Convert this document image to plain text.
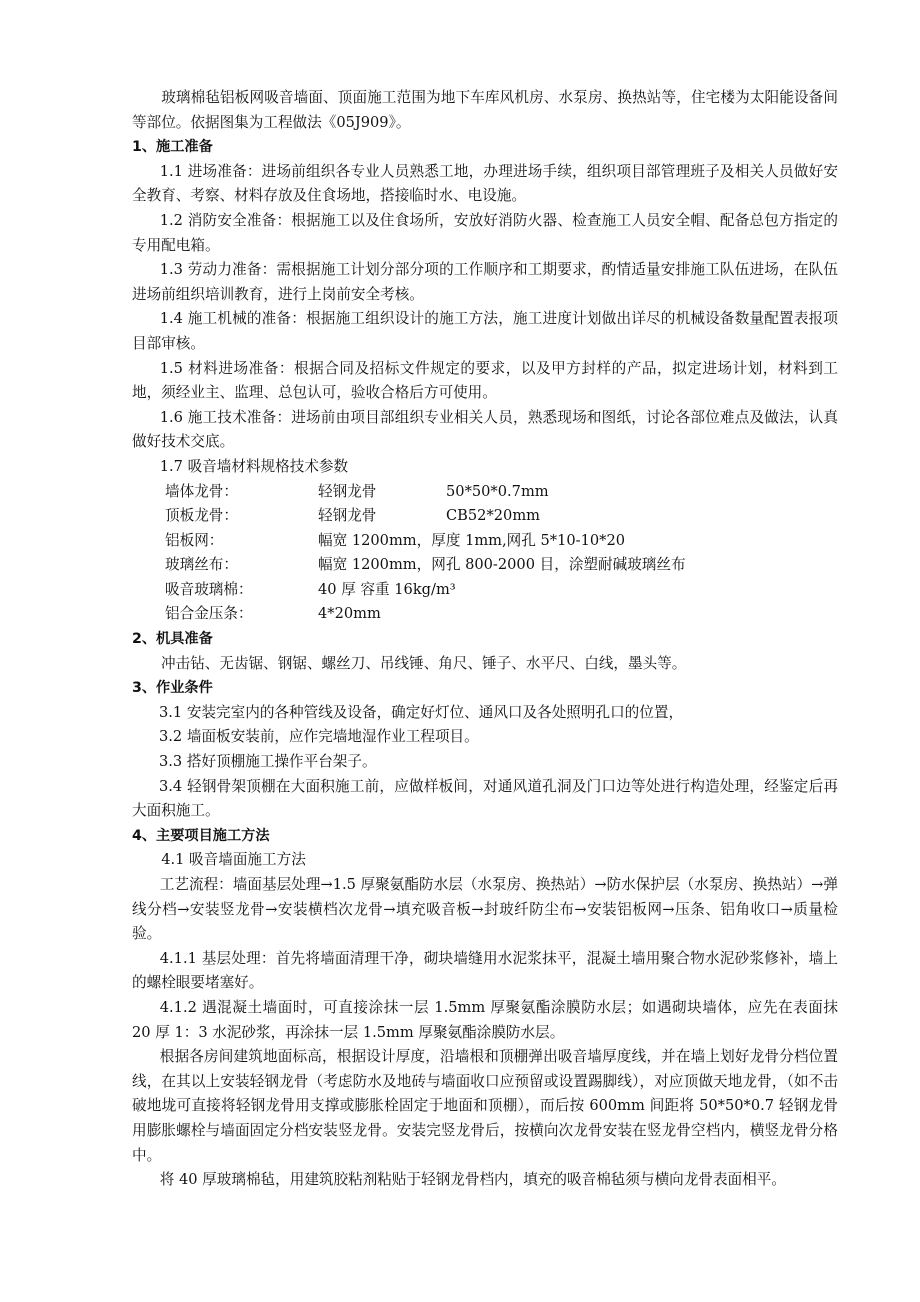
玻璃棉毡铝板网吸音墙面、顶面施工范围为地下车库风机房、水泵房、换热站等，住宅楼为太阳能设备间等部位。依据图集为工程做法《05J909》。

1、施工准备

1.1 进场准备：进场前组织各专业人员熟悉工地，办理进场手续，组织项目部管理班子及相关人员做好安全教育、考察、材料存放及住食场地，搭接临时水、电设施。

1.2 消防安全准备：根据施工以及住食场所，安放好消防火器、检查施工人员安全帽、配备总包方指定的专用配电箱。

1.3 劳动力准备：需根据施工计划分部分项的工作顺序和工期要求，酌情适量安排施工队伍进场，在队伍进场前组织培训教育，进行上岗前安全考核。

1.4 施工机械的准备：根据施工组织设计的施工方法，施工进度计划做出详尽的机械设备数量配置表报项目部审核。

1.5 材料进场准备：根据合同及招标文件规定的要求，以及甲方封样的产品，拟定进场计划，材料到工地，须经业主、监理、总包认可，验收合格后方可使用。

1.6 施工技术准备：进场前由项目部组织专业相关人员，熟悉现场和图纸，讨论各部位难点及做法，认真做好技术交底。

1.7 吸音墙材料规格技术参数

墙体龙骨：	轻钢龙骨	50*50*0.7mm
顶板龙骨：	轻钢龙骨	CB52*20mm
铝板网：	幅宽 1200mm，厚度 1mm,网孔 5*10-10*20
玻璃丝布：	幅宽 1200mm，网孔 800-2000 目，涂塑耐碱玻璃丝布
吸音玻璃棉：	40 厚 容重 16kg/m³
铝合金压条：	4*20mm

2、机具准备

冲击钻、无齿锯、钢锯、螺丝刀、吊线锤、角尺、锤子、水平尺、白线，墨头等。

3、作业条件

3.1 安装完室内的各种管线及设备，确定好灯位、通风口及各处照明孔口的位置，

3.2 墙面板安装前，应作完墙地湿作业工程项目。

3.3 搭好顶棚施工操作平台架子。

3.4 轻钢骨架顶棚在大面积施工前，应做样板间，对通风道孔洞及门口边等处进行构造处理，经鉴定后再大面积施工。

4、主要项目施工方法

4.1 吸音墙面施工方法

工艺流程：墙面基层处理→1.5 厚聚氨酯防水层（水泵房、换热站）→防水保护层（水泵房、换热站）→弹线分档→安装竖龙骨→安装横档次龙骨→填充吸音板→封玻纤防尘布→安装铝板网→压条、铝角收口→质量检验。

4.1.1 基层处理：首先将墙面清理干净，砌块墙缝用水泥浆抹平，混凝土墙用聚合物水泥砂浆修补，墙上的螺栓眼要堵塞好。

4.1.2 遇混凝土墙面时，可直接涂抹一层 1.5mm 厚聚氨酯涂膜防水层；如遇砌块墙体，应先在表面抹 20 厚 1：3 水泥砂浆，再涂抹一层 1.5mm 厚聚氨酯涂膜防水层。

根据各房间建筑地面标高，根据设计厚度，沿墙根和顶棚弹出吸音墙厚度线，并在墙上划好龙骨分档位置线，在其以上安装轻钢龙骨（考虑防水及地砖与墙面收口应预留或设置踢脚线），对应顶做天地龙骨，（如不击破地垅可直接将轻钢龙骨用支撑或膨胀栓固定于地面和顶棚），而后按 600mm 间距将 50*50*0.7 轻钢龙骨用膨胀螺栓与墙面固定分档安装竖龙骨。安装完竖龙骨后，按横向次龙骨安装在竖龙骨空档内，横竖龙骨分格中。

将 40 厚玻璃棉毡，用建筑胶粘剂粘贴于轻钢龙骨档内，填充的吸音棉毡须与横向龙骨表面相平。
